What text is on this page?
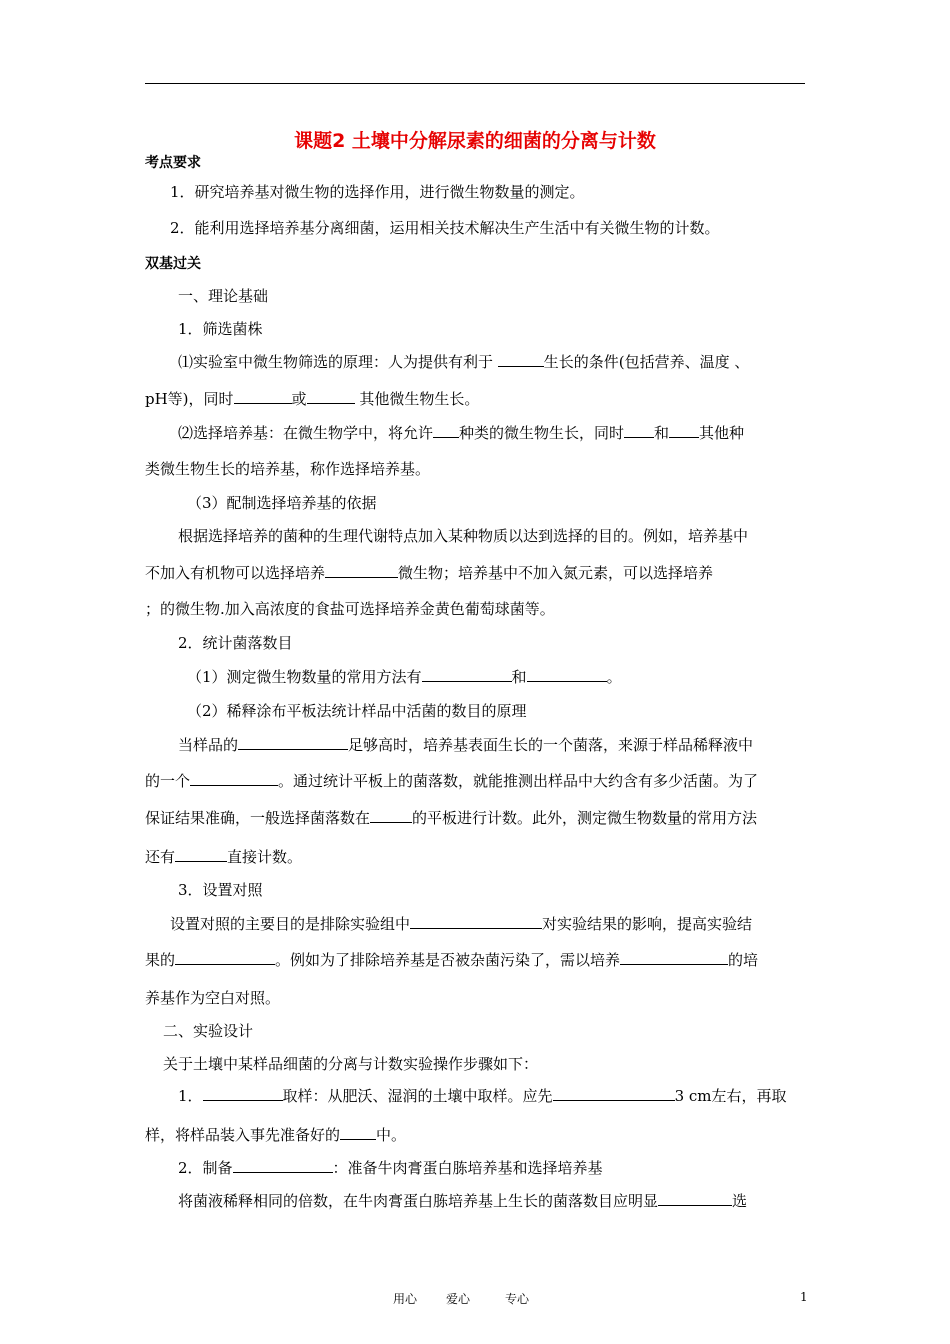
课题2 土壤中分解尿素的细菌的分离与计数
考点要求
双基过关
1．研究培养基对微生物的选择作用，进行微生物数量的测定。
2．能利用选择培养基分离细菌，运用相关技术解决生产生活中有关微生物的计数。
一、理论基础
1．筛选菌株
⑴实验室中微生物筛选的原理：人为提供有利于	生长的条件(包括营养、温度 、
pH等)，同时	或	其他微生物生长。
⑵选择培养基：在微生物学中，将允许 种类的微生物生长，同时 和 其他种
类微生物生长的培养基，称作选择培养基。
（3）配制选择培养基的依据
根据选择培养的菌种的生理代谢特点加入某种物质以达到选择的目的。例如，培养基中
不加入有机物可以选择培养	微生物；培养基中不加入氮元素，可以选择培养
；的微生物.加入高浓度的食盐可选择培养金黄色葡萄球菌等。
2．统计菌落数目
（1）测定微生物数量的常用方法有	和	。
（2）稀释涂布平板法统计样品中活菌的数目的原理
当样品的	足够高时，培养基表面生长的一个菌落，来源于样品稀释液中
的一个	。通过统计平板上的菌落数，就能推测出样品中大约含有多少活菌。为了
保证结果准确，一般选择菌落数在	的平板进行计数。此外，测定微生物数量的常用方法
还有	直接计数。
3．设置对照
设置对照的主要目的是排除实验组中	对实验结果的影响，提高实验结
果的	。例如为了排除培养基是否被杂菌污染了，需以培养	的培
养基作为空白对照。
二、实验设计
关于土壤中某样品细菌的分离与计数实验操作步骤如下：
1．	取样：从肥沃、湿润的土壤中取样。应先	3 cm左右，再取
样，将样品装入事先准备好的 中。
2．制备	：准备牛肉膏蛋白胨培养基和选择培养基
将菌液稀释相同的倍数，在牛肉膏蛋白胨培养基上生长的菌落数目应明显	选
用心 爱心	专心	1
